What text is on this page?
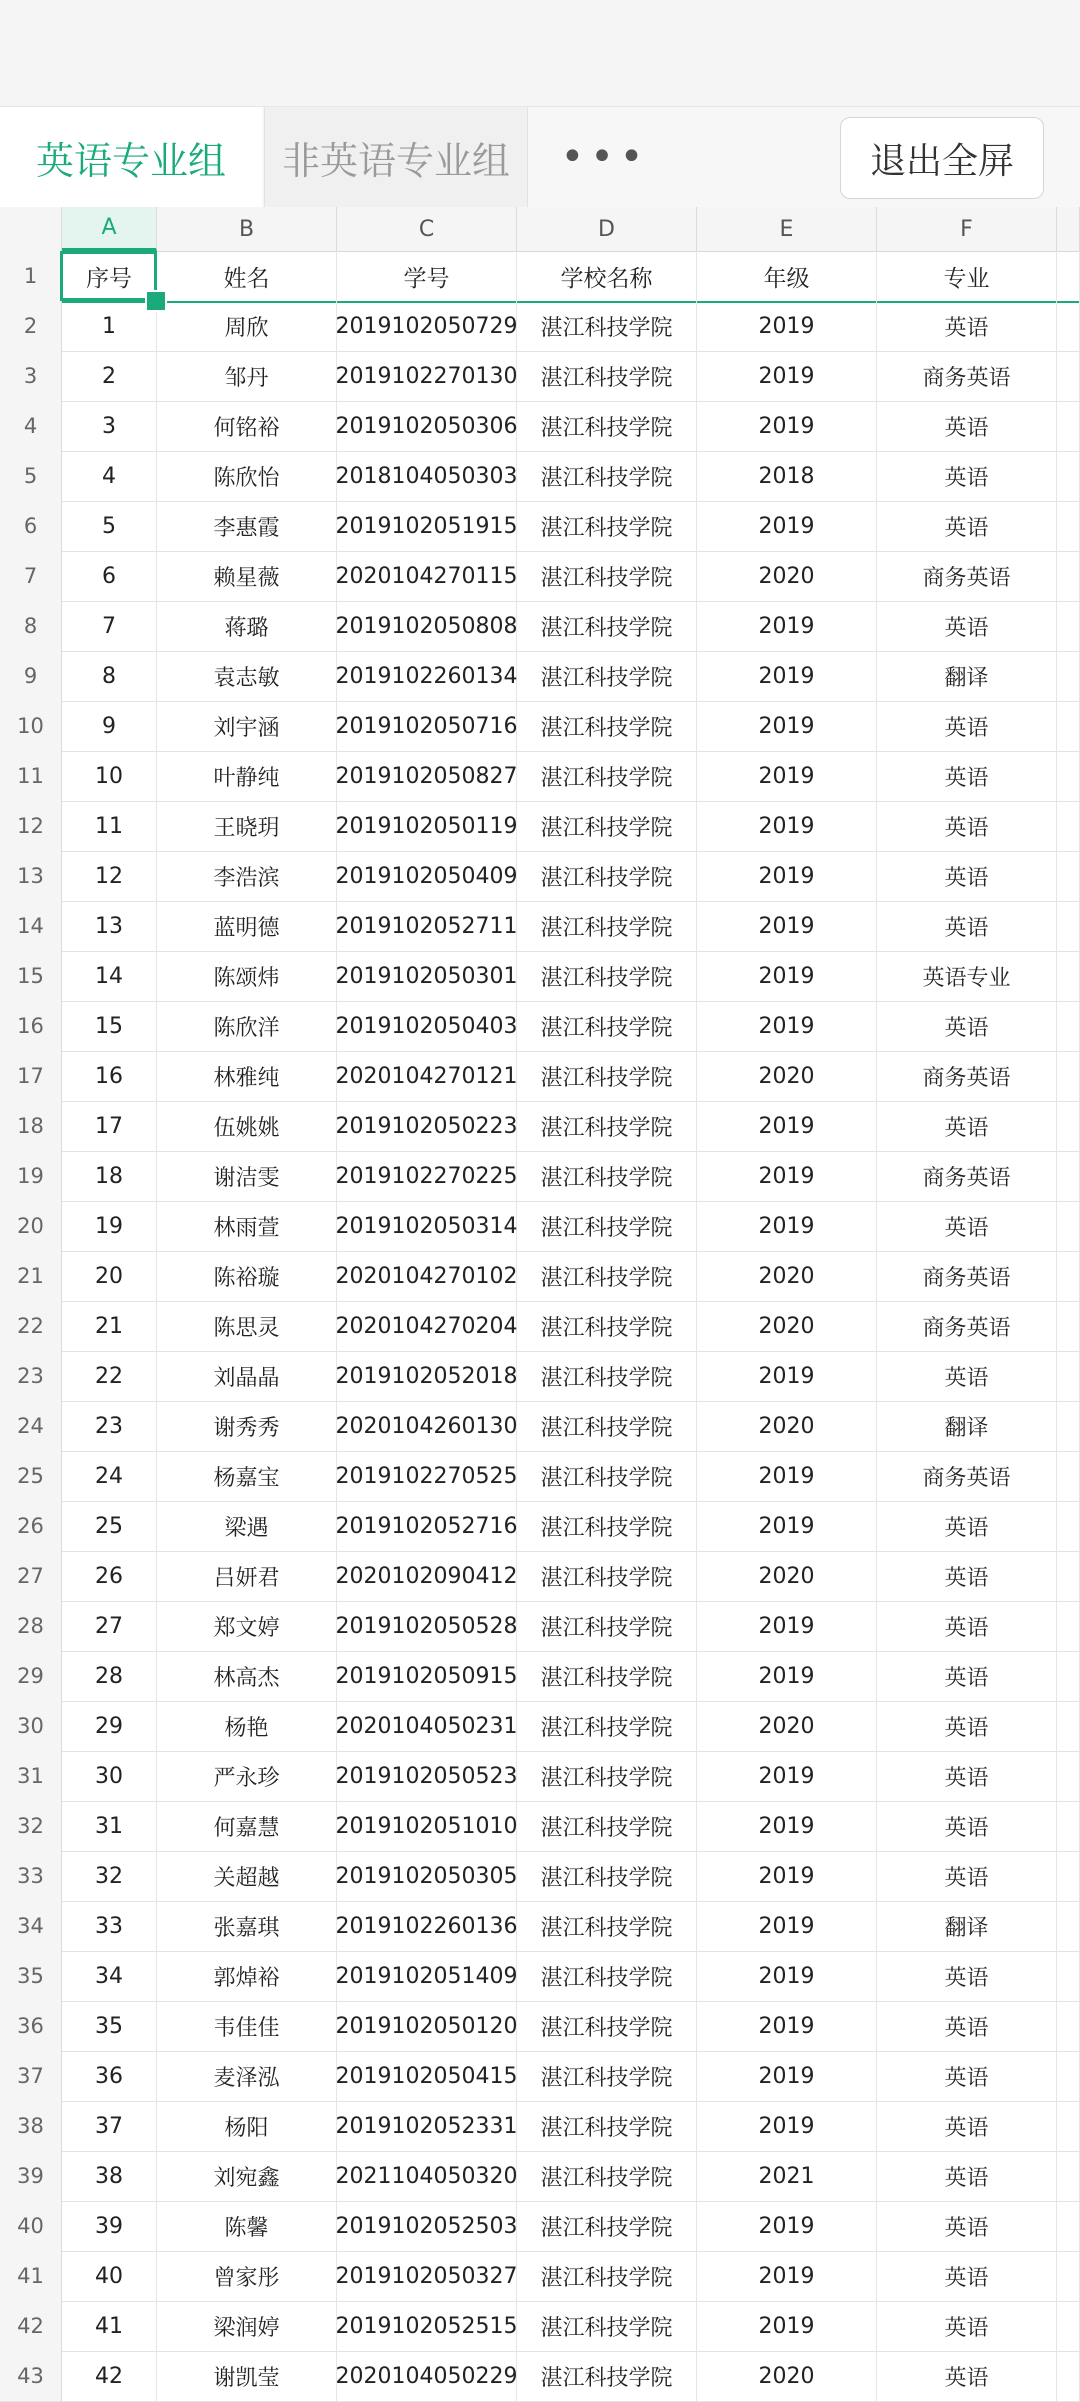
英语专业组	非英语专业组	•••	退出全屏
A	B	C	D	E	F
1	序号	姓名	学号	学校名称	年级	专业
2	1	周欣	2019102050729	湛江科技学院	2019	英语
3	2	邹丹	2019102270130	湛江科技学院	2019	商务英语
4	3	何铭裕	2019102050306	湛江科技学院	2019	英语
5	4	陈欣怡	2018104050303	湛江科技学院	2018	英语
6	5	李惠霞	2019102051915	湛江科技学院	2019	英语
7	6	赖星薇	2020104270115	湛江科技学院	2020	商务英语
8	7	蒋璐	2019102050808	湛江科技学院	2019	英语
9	8	袁志敏	2019102260134	湛江科技学院	2019	翻译
10	9	刘宇涵	2019102050716	湛江科技学院	2019	英语
11	10	叶静纯	2019102050827	湛江科技学院	2019	英语
12	11	王晓玥	2019102050119	湛江科技学院	2019	英语
13	12	李浩滨	2019102050409	湛江科技学院	2019	英语
14	13	蓝明德	2019102052711	湛江科技学院	2019	英语
15	14	陈颂炜	2019102050301	湛江科技学院	2019	英语专业
16	15	陈欣洋	2019102050403	湛江科技学院	2019	英语
17	16	林雅纯	2020104270121	湛江科技学院	2020	商务英语
18	17	伍姚姚	2019102050223	湛江科技学院	2019	英语
19	18	谢洁雯	2019102270225	湛江科技学院	2019	商务英语
20	19	林雨萱	2019102050314	湛江科技学院	2019	英语
21	20	陈裕璇	2020104270102	湛江科技学院	2020	商务英语
22	21	陈思灵	2020104270204	湛江科技学院	2020	商务英语
23	22	刘晶晶	2019102052018	湛江科技学院	2019	英语
24	23	谢秀秀	2020104260130	湛江科技学院	2020	翻译
25	24	杨嘉宝	2019102270525	湛江科技学院	2019	商务英语
26	25	梁遇	2019102052716	湛江科技学院	2019	英语
27	26	吕妍君	2020102090412	湛江科技学院	2020	英语
28	27	郑文婷	2019102050528	湛江科技学院	2019	英语
29	28	林高杰	2019102050915	湛江科技学院	2019	英语
30	29	杨艳	2020104050231	湛江科技学院	2020	英语
31	30	严永珍	2019102050523	湛江科技学院	2019	英语
32	31	何嘉慧	2019102051010	湛江科技学院	2019	英语
33	32	关超越	2019102050305	湛江科技学院	2019	英语
34	33	张嘉琪	2019102260136	湛江科技学院	2019	翻译
35	34	郭焯裕	2019102051409	湛江科技学院	2019	英语
36	35	韦佳佳	2019102050120	湛江科技学院	2019	英语
37	36	麦泽泓	2019102050415	湛江科技学院	2019	英语
38	37	杨阳	2019102052331	湛江科技学院	2019	英语
39	38	刘宛鑫	2021104050320	湛江科技学院	2021	英语
40	39	陈馨	2019102052503	湛江科技学院	2019	英语
41	40	曾家彤	2019102050327	湛江科技学院	2019	英语
42	41	梁润婷	2019102052515	湛江科技学院	2019	英语
43	42	谢凯莹	2020104050229	湛江科技学院	2020	英语
